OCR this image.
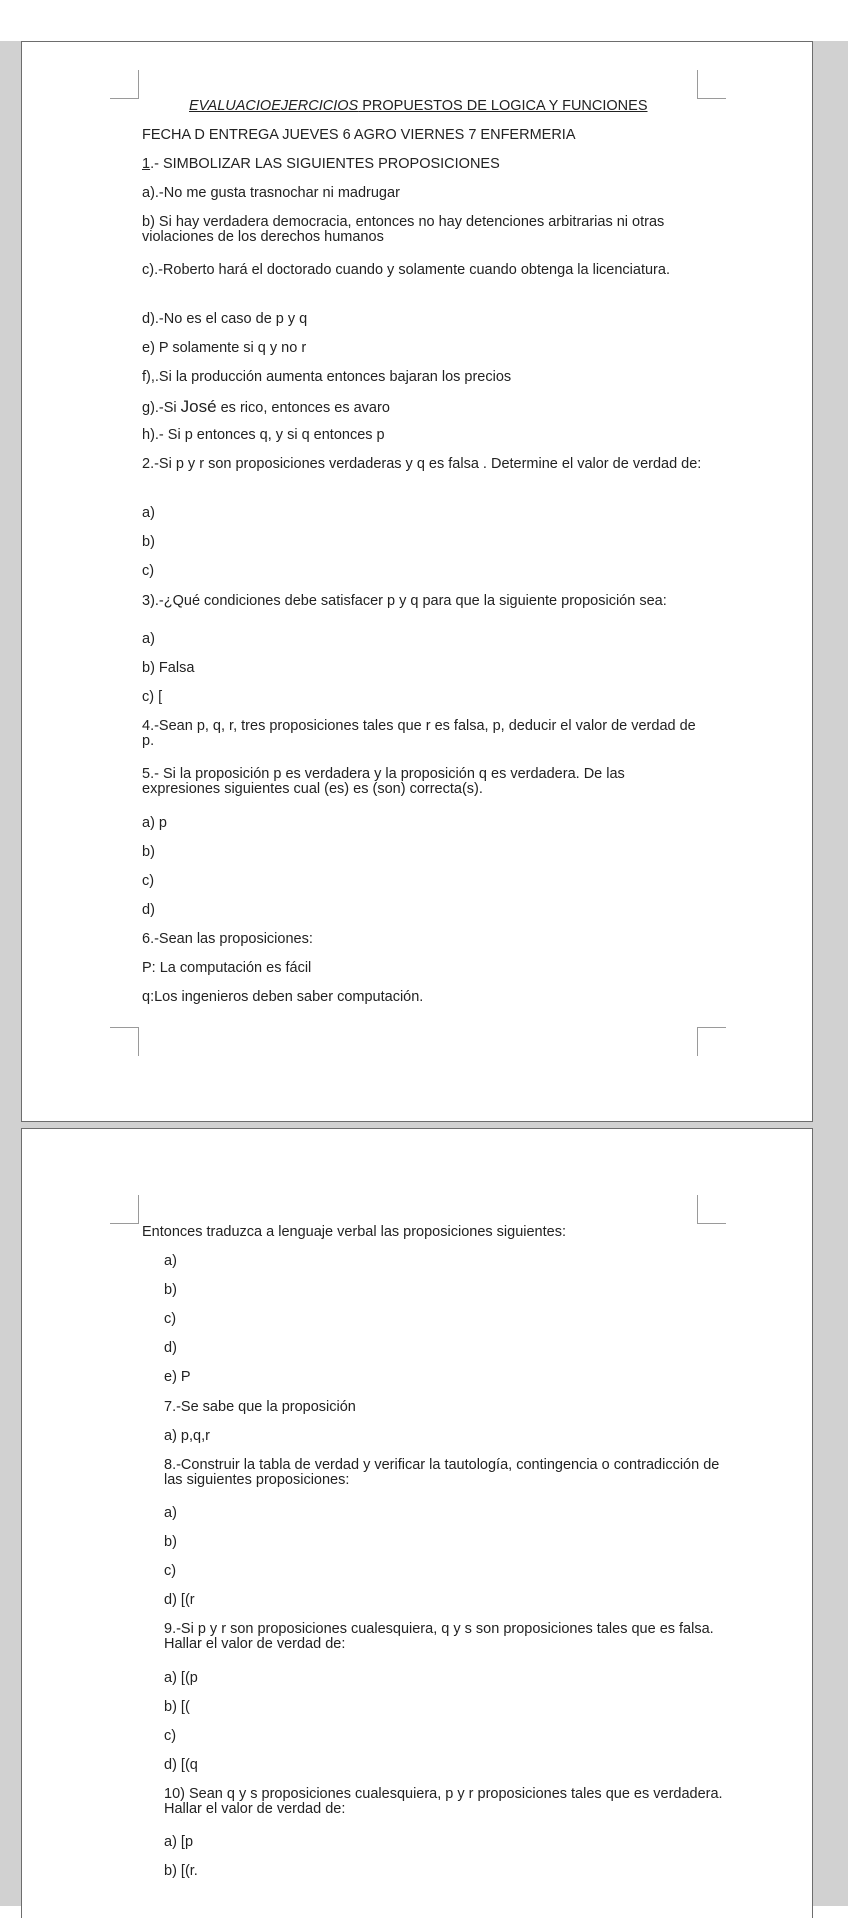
EVALUACIOEJERCICIOS PROPUESTOS DE LOGICA Y FUNCIONES

FECHA D ENTREGA JUEVES 6 AGRO VIERNES 7 ENFERMERIA

1.- SIMBOLIZAR LAS SIGUIENTES PROPOSICIONES

a).-No me gusta trasnochar ni madrugar

b) Si hay verdadera democracia, entonces no hay detenciones arbitrarias ni otras violaciones de los derechos humanos

c).-Roberto hará el doctorado cuando y solamente cuando obtenga la licenciatura.

d).-No es el caso de p y q

e) P solamente si q y no r

f),.Si la producción aumenta entonces bajaran los precios

g).-Si José es rico, entonces es avaro

h).- Si p entonces q, y si q entonces p

2.-Si p y r son proposiciones verdaderas y q es falsa . Determine el valor de verdad de:

a)

b)

c)

3).-¿Qué condiciones debe satisfacer p y q para que la siguiente proposición sea:

a)

b) Falsa

c) [

4.-Sean p, q, r, tres proposiciones tales que r es falsa, p, deducir el valor de verdad de p.

5.- Si la proposición p es verdadera y la proposición q es verdadera. De las expresiones siguientes cual (es) es (son) correcta(s).

a) p

b)

c)

d)

6.-Sean las proposiciones:

P: La computación es fácil

q:Los ingenieros deben saber computación.

Entonces traduzca a lenguaje verbal las proposiciones siguientes:

a)

b)

c)

d)

e) P

7.-Se sabe que la proposición

a) p,q,r

8.-Construir la tabla de verdad y verificar la tautología, contingencia o contradicción de las siguientes proposiciones:

a)

b)

c)

d) [(r

9.-Si p y r son proposiciones cualesquiera, q y s son proposiciones tales que es falsa. Hallar el valor de verdad de:

a) [(p

b) [(

c)

d) [(q

10) Sean q y s proposiciones cualesquiera, p y r proposiciones tales que es verdadera. Hallar el valor de verdad de:

a) [p

b) [(r.
